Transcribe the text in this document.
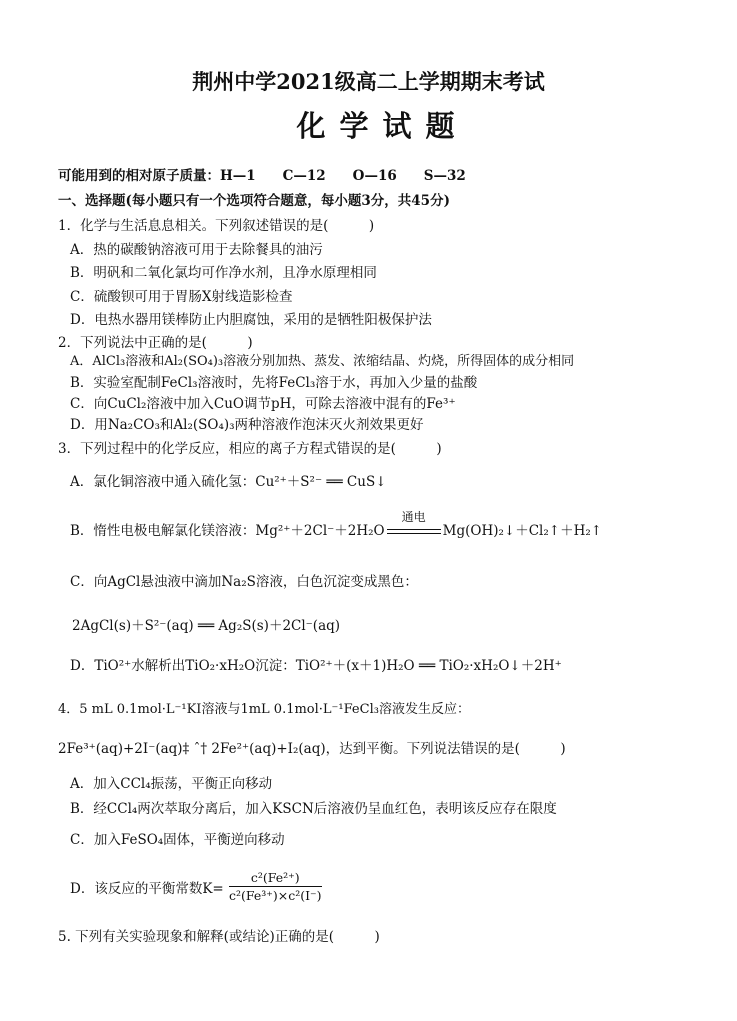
荆州中学2021级高二上学期期末考试
化学试题
可能用到的相对原子质量：H—1　　C—12　　O—16　　S—32
一、选择题(每小题只有一个选项符合题意，每小题3分，共45分)
1．化学与生活息息相关。下列叙述错误的是(　　　)
A．热的碳酸钠溶液可用于去除餐具的油污
B．明矾和二氧化氯均可作净水剂，且净水原理相同
C．硫酸钡可用于胃肠X射线造影检查
D．电热水器用镁棒防止内胆腐蚀，采用的是牺牲阳极保护法
2．下列说法中正确的是(　　　)
A．AlCl₃溶液和Al₂(SO₄)₃溶液分别加热、蒸发、浓缩结晶、灼烧，所得固体的成分相同
B．实验室配制FeCl₃溶液时，先将FeCl₃溶于水，再加入少量的盐酸
C．向CuCl₂溶液中加入CuO调节pH，可除去溶液中混有的Fe³⁺
D．用Na₂CO₃和Al₂(SO₄)₃两种溶液作泡沫灭火剂效果更好
3．下列过程中的化学反应，相应的离子方程式错误的是(　　　)
A．氯化铜溶液中通入硫化氢：Cu²⁺＋S²⁻ ══ CuS↓
B．惰性电极电解氯化镁溶液：Mg²⁺＋2Cl⁻＋2H₂O
通电
Mg(OH)₂↓＋Cl₂↑＋H₂↑
C．向AgCl悬浊液中滴加Na₂S溶液，白色沉淀变成黑色：
2AgCl(s)＋S²⁻(aq) ══ Ag₂S(s)＋2Cl⁻(aq)
D．TiO²⁺水解析出TiO₂·xH₂O沉淀：TiO²⁺＋(x＋1)H₂O ══ TiO₂·xH₂O↓＋2H⁺
4．5 mL 0.1mol·L⁻¹KI溶液与1mL 0.1mol·L⁻¹FeCl₃溶液发生反应：
2Fe³⁺(aq)+2I⁻(aq)‡ ˆ† 2Fe²⁺(aq)+I₂(aq)，达到平衡。下列说法错误的是(　　　)
A．加入CCl₄振荡，平衡正向移动
B．经CCl₄两次萃取分离后，加入KSCN后溶液仍呈血红色，表明该反应存在限度
C．加入FeSO₄固体，平衡逆向移动
D．该反应的平衡常数$K= \frac{\text{c²(Fe²⁺)}}{\text{c²(Fe³⁺)×c²(I⁻)}}$
5. 下列有关实验现象和解释(或结论)正确的是(　　　)
